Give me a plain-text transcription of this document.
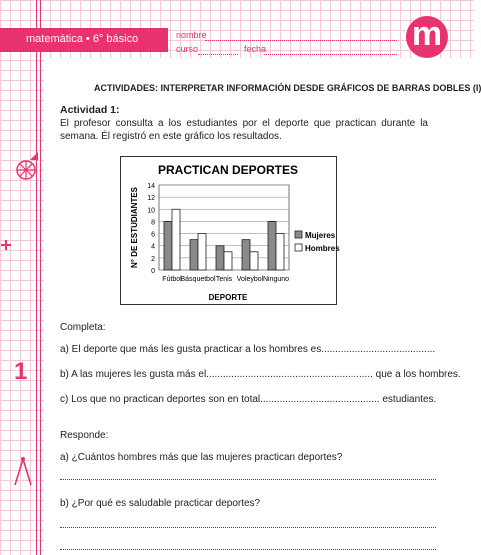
matemática • 6° básico	nombre
curso	fecha	m
1
ACTIVIDADES: INTERPRETAR INFORMACIÓN DESDE GRÁFICOS DE BARRAS DOBLES (I)
Actividad 1:
El profesor consulta a los estudiantes por el deporte que practican durante la semana. Él registró en este gráfico los resultados.
PRACTICAN DEPORTES
0
2
4
6
8
10
12
14
Fútbol
Básquetbol Tenis Voleybol Ninguno
DEPORTE
N° DE ESTUDIANTES	Mujeres
Hombres
Completa:
a) El deporte que más les gusta practicar a los hombres es.........................................
b) A las mujeres les gusta más el............................................................ que a los hombres.
c) Los que no practican deportes son en total........................................... estudiantes.
Responde:
a) ¿Cuántos hombres más que las mujeres practican deportes?
b) ¿Por qué es saludable practicar deportes?
